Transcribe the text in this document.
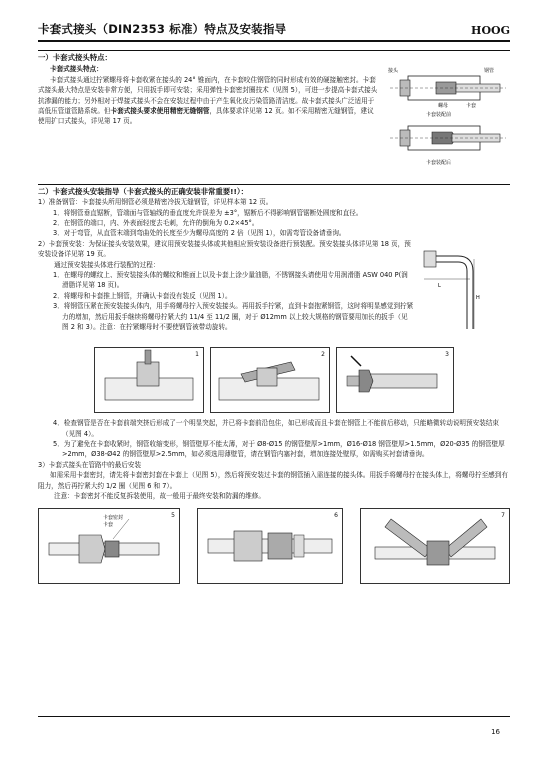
卡套式接头（DIN2353 标准）特点及安装指导	HOOG
一）卡套式接头特点：
卡套式接头特点：

卡套式接头通过拧紧螺母将卡套收紧在接头的 24° 锥面内，在卡套咬住钢管的同时形成有效的硬接触密封。卡套式接头最大特点是安装非常方便，只用扳手即可安装；采用弹性卡套密封圈技术（见图 5），可进一步提高卡套式接头抗渗漏的能力；另外相对于焊接式接头不会在安装过程中由于产生氧化皮污染管路清洁度。故卡套式接头广泛适用于高低压管道管路系统。但卡套式接头要求使用精密无缝钢管，具体要求详见第 12 页。如不采用精密无缝钢管，建议使用扩口式接头，详见第 17 页。

接头	钢管
螺母	卡套
卡套装配前
卡套装配后
二）卡套式接头安装指导（卡套式接头的正确安装非常重要!!）：
1）准备钢管：卡套接头所用钢管必须是精密冷拔无缝钢管，详见样本第 12 页。
1．将钢管垂直锯断，管端面与管轴线的垂直度允许误差为 ±3°，锯断后不得影响钢管锯断处圆度和直径。
2．在钢管的端口，内、外表面轻度去毛刺，允许的倒角为 0.2×45°。
3．对于弯管，从直管末端到弯曲处的长度至少为螺母高度的 2 倍（见图 1），如需弯管设备请垂询。
2）卡套预安装：为保证接头安装效果，建议用预安装接头体或其他相应预安装设备进行预装配。预安装接头体详见第 18 页，预安装设备详见第 19 页。
通过预安装接头体进行装配的过程：
1．在螺母的螺纹上、预安装接头体的螺纹和锥面上以及卡套上涂少量油脂，不锈钢接头请使用专用润滑脂 ASW 040 P(润滑脂详见第 18 页)。
2．将螺母和卡套推上钢管，并确认卡套没有装反（见图 1）。
3．将钢管压紧在预安装接头体内，用手将螺母拧入预安装接头。再用扳手拧紧，直到卡套抱紧钢管，这时将明显感觉到拧紧力的增加，然后用扳手继续将螺母拧紧大约 11/4 至 11/2 圈，对于 Ø12mm 以上较大规格的钢管要用加长的扳手（见图 2 和 3）。注意：在拧紧螺母时不要使钢管被带动旋转。
L
H
1	2	3
4．检查钢管是否在卡套前端突挤后形成了一个明显突起，并已将卡套前沿包住，如已形成而且卡套在钢管上不能前后移动，只能略微转动说明预安装结束（见图 4）。
5．为了避免在卡套收紧时，钢管收缩变形，钢管壁厚不能太薄，对于 Ø8-Ø15 的钢管壁厚>1mm，Ø16-Ø18 钢管壁厚>1.5mm，Ø20-Ø35 的钢管壁厚>2mm，Ø38-Ø42 的钢管壁厚>2.5mm，如必须选用薄壁管，请在钢管内塞衬套，增加连接处壁厚，如需购买衬套请垂询。
3）卡套式接头在管路中的最后安装

如需采用卡套密封，请先将卡套密封套在卡套上（见图 5），然后将预安装过卡套的钢管插入需连接的接头体。用扳手将螺母拧在接头体上，将螺母拧至感到有阻力，然后再拧紧大约 1/2 圈（见图 6 和 7）。

注意：卡套密封不能反复拆装使用，故一般用于最终安装和防漏的维修。
5
卡套密封
卡套
6	7
16
